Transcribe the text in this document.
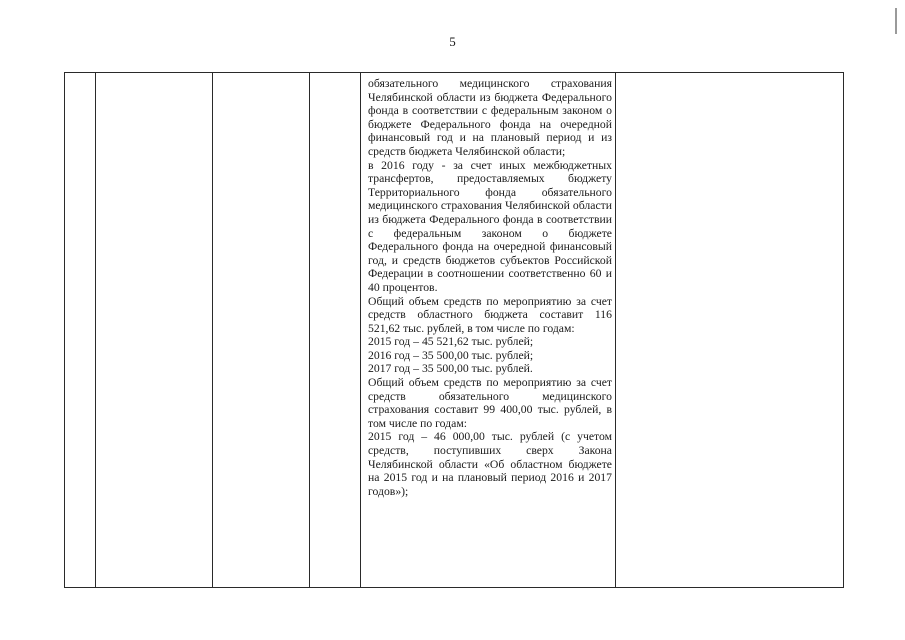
5
обязательного медицинского страхования Челябинской области из бюджета Федерального фонда в соответствии с федеральным законом о бюджете Федерального фонда на очередной финансовый год и на плановый период и из средств бюджета Челябинской области;
в 2016 году - за счет иных межбюджетных трансфертов, предоставляемых бюджету Территориального фонда обязательного медицинского страхования Челябинской области из бюджета Федерального фонда в соответствии с федеральным законом о бюджете Федерального фонда на очередной финансовый год, и средств бюджетов субъектов Российской Федерации в соотношении соответственно 60 и 40 процентов.
Общий объем средств по мероприятию за счет средств областного бюджета составит 116 521,62 тыс. рублей, в том числе по годам:
2015 год – 45 521,62 тыс. рублей;
2016 год – 35 500,00 тыс. рублей;
2017 год – 35 500,00 тыс. рублей.
Общий объем средств по мероприятию за счет средств обязательного медицинского страхования составит 99 400,00 тыс. рублей, в том числе по годам:
2015 год – 46 000,00 тыс. рублей (с учетом средств, поступивших сверх Закона Челябинской области «Об областном бюджете на 2015 год и на плановый период 2016 и 2017 годов»);
